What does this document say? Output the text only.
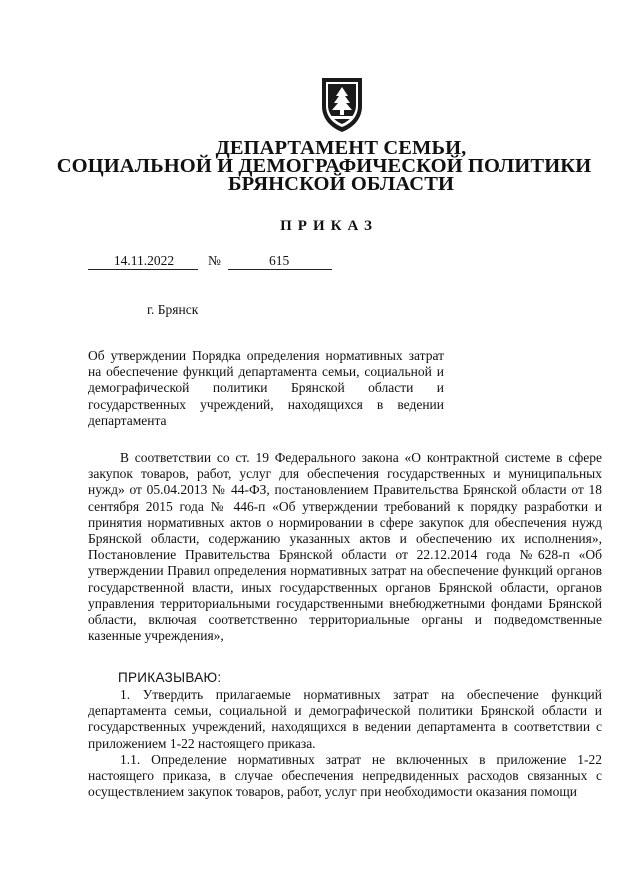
ДЕПАРТАМЕНТ СЕМЬИ,
СОЦИАЛЬНОЙ И ДЕМОГРАФИЧЕСКОЙ ПОЛИТИКИ
БРЯНСКОЙ ОБЛАСТИ
ПРИКАЗ
14.11.2022	№	615
г. Брянск
Об утверждении Порядка определения нормативных затрат на обеспечение функций департамента семьи, социальной и демографической политики Брянской области и государственных учреждений, находящихся в ведении департамента

В соответствии со ст. 19 Федерального закона «О контрактной системе в сфере закупок товаров, работ, услуг для обеспечения государственных и муниципальных нужд» от 05.04.2013 № 44-ФЗ, постановлением Правительства Брянской области от 18 сентября 2015 года № 446-п «Об утверждении требований к порядку разработки и принятия нормативных актов о нормировании в сфере закупок для обеспечения нужд Брянской области, содержанию указанных актов и обеспечению их исполнения», Постановление Правительства Брянской области от 22.12.2014 года №628-п «Об утверждении Правил определения нормативных затрат на обеспечение функций органов государственной власти, иных государственных органов Брянской области, органов управления территориальными государственными внебюджетными фондами Брянской области, включая соответственно территориальные органы и подведомственные казенные учреждения»,

ПРИКАЗЫВАЮ:

1. Утвердить прилагаемые нормативных затрат на обеспечение функций департамента семьи, социальной и демографической политики Брянской области и государственных учреждений, находящихся в ведении департамента в соответствии с приложением 1-22 настоящего приказа.

1.1. Определение нормативных затрат не включенных в приложение 1-22 настоящего приказа, в случае обеспечения непредвиденных расходов связанных с осуществлением закупок товаров, работ, услуг при необходимости оказания помощи
